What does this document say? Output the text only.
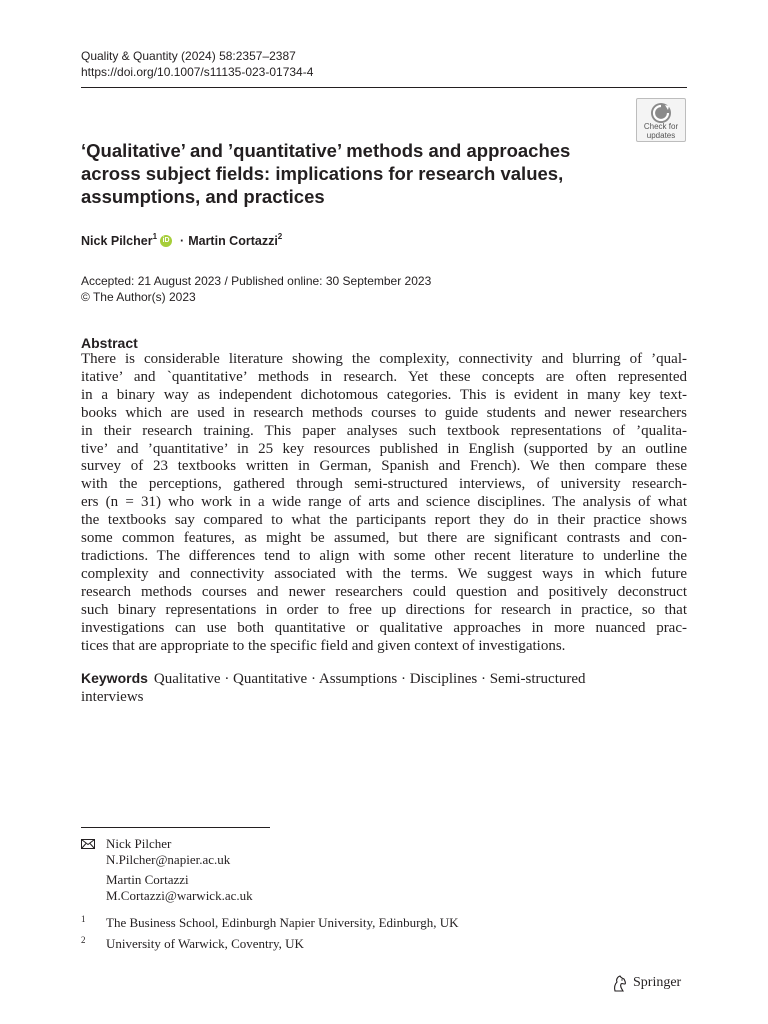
Quality & Quantity (2024) 58:2357–2387
https://doi.org/10.1007/s11135-023-01734-4
Check for
updates
‘Qualitative’ and ’quantitative’ methods and approaches
across subject fields: implications for research values,
assumptions, and practices
Nick Pilcher$^1$ iD · Martin Cortazzi$^2$
Accepted: 21 August 2023 / Published online: 30 September 2023
© The Author(s) 2023
Abstract
There is considerable literature showing the complexity, connectivity and blurring of ’qual-
itative’ and `quantitative’ methods in research. Yet these concepts are often represented
in a binary way as independent dichotomous categories. This is evident in many key text-
books which are used in research methods courses to guide students and newer researchers
in their research training. This paper analyses such textbook representations of ’qualita-
tive’ and ’quantitative’ in 25 key resources published in English (supported by an outline
survey of 23 textbooks written in German, Spanish and French). We then compare these
with the perceptions, gathered through semi-structured interviews, of university research-
ers (n = 31) who work in a wide range of arts and science disciplines. The analysis of what
the textbooks say compared to what the participants report they do in their practice shows
some common features, as might be assumed, but there are significant contrasts and con-
tradictions. The differences tend to align with some other recent literature to underline the
complexity and connectivity associated with the terms. We suggest ways in which future
research methods courses and newer researchers could question and positively deconstruct
such binary representations in order to free up directions for research in practice, so that
investigations can use both quantitative or qualitative approaches in more nuanced prac-
tices that are appropriate to the specific field and given context of investigations.
Keywords Qualitative · Quantitative · Assumptions · Disciplines · Semi-structured
interviews
Nick Pilcher
N.Pilcher@napier.ac.uk
Martin Cortazzi
M.Cortazzi@warwick.ac.uk
1 The Business School, Edinburgh Napier University, Edinburgh, UK
2 University of Warwick, Coventry, UK
Springer
